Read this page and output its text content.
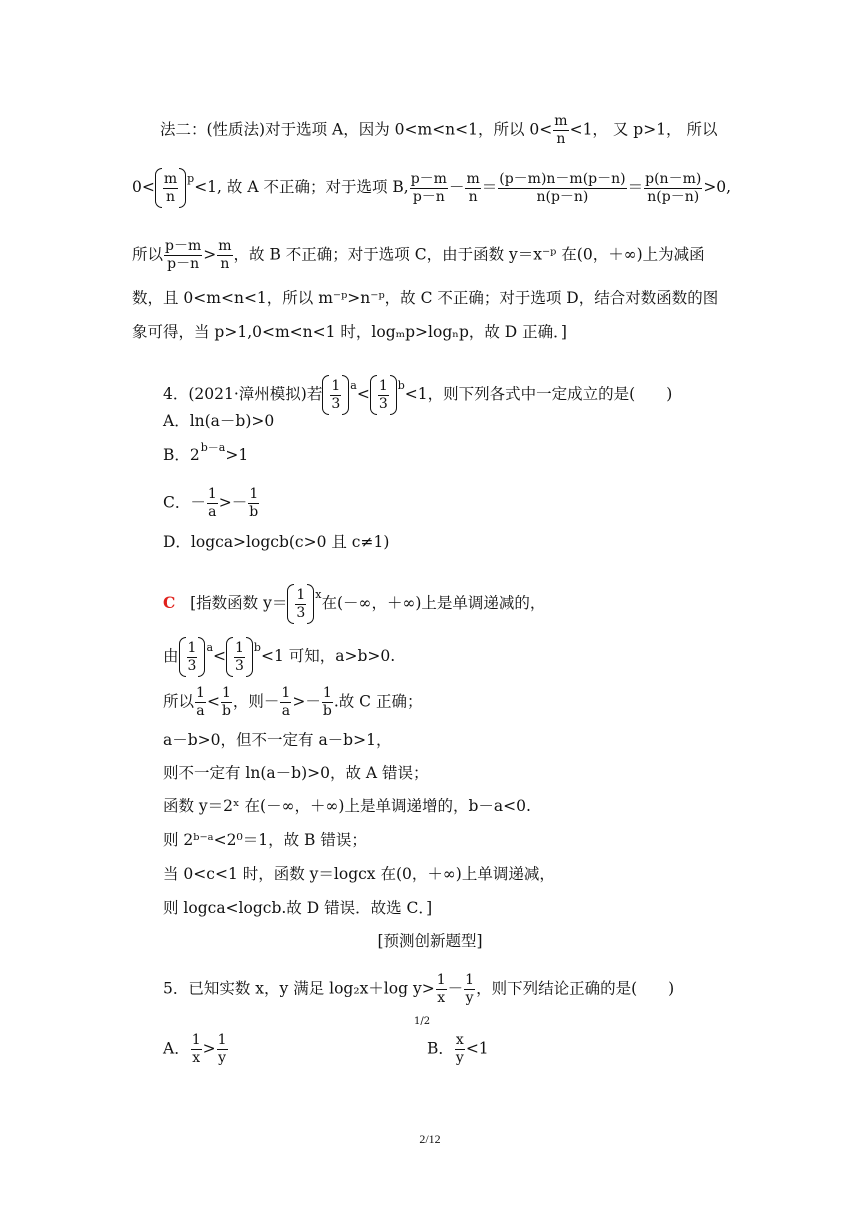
法二：(性质法)对于选项 A，因为 0<m<n<1，所以 $0< \frac{m}{n} <1$， 又 p>1， 所以
$0< \frac{m}{n}$ p <1, 故 A 不正确；对于选项 B, $\frac{p-m}{p-n} - \frac{m}{n} = \frac{(p-m)n-m(p-n)}{n(p-n)} = \frac{p(n-m)}{n(p-n)} >0$,
所以 $\frac{p-m}{p-n} > \frac{m}{n}$ ，故 B 不正确；对于选项 C，由于函数 y＝x⁻ᵖ 在(0，＋∞)上为减函
数，且 0<m<n<1，所以 m⁻ᵖ>n⁻ᵖ，故 C 不正确；对于选项 D，结合对数函数的图
象可得，当 p>1,0<m<n<1 时，logₘp>logₙp，故 D 正确．]
4．(2021·漳州模拟)若 $\frac{1}{3}$ $a < \frac{1}{3}$ b <1，则下列各式中一定成立的是(　　)
A．ln(a－b)>0
B．$2^{b-a}>1$
C．－ $\frac{1}{a} >- \frac{1}{b}$
D．logca>logcb(c>0 且 c≠1)
C [指数函数 $y= \frac{1}{3}$ x 在(－∞，＋∞)上是单调递减的，
由 $\frac{1}{3}$ $a < \frac{1}{3}$ b <1 可知，a>b>0.
所以 $\frac{1}{a} < \frac{1}{b}$ ，则－ $\frac{1}{a} >- \frac{1}{b}$ .故 C 正确；
a－b>0，但不一定有 a－b>1，
则不一定有 ln(a－b)>0，故 A 错误；
函数 y＝2ˣ 在(－∞，＋∞)上是单调递增的，b－a<0.
则 2ᵇ⁻ᵃ<2⁰＝1，故 B 错误；
当 0<c<1 时，函数 y＝logcx 在(0，＋∞)上单调递减，
则 logca<logcb.故 D 错误．故选 C．]
[预测创新题型]
5．已知实数 x，y 满足 log₂x＋log $y> \frac{1}{x} - \frac{1}{y}$ ，则下列结论正确的是(　　)
1/2
A． $\frac{1}{x} > \frac{1}{y}$	B． $\frac{x}{y} <1$
2/12
